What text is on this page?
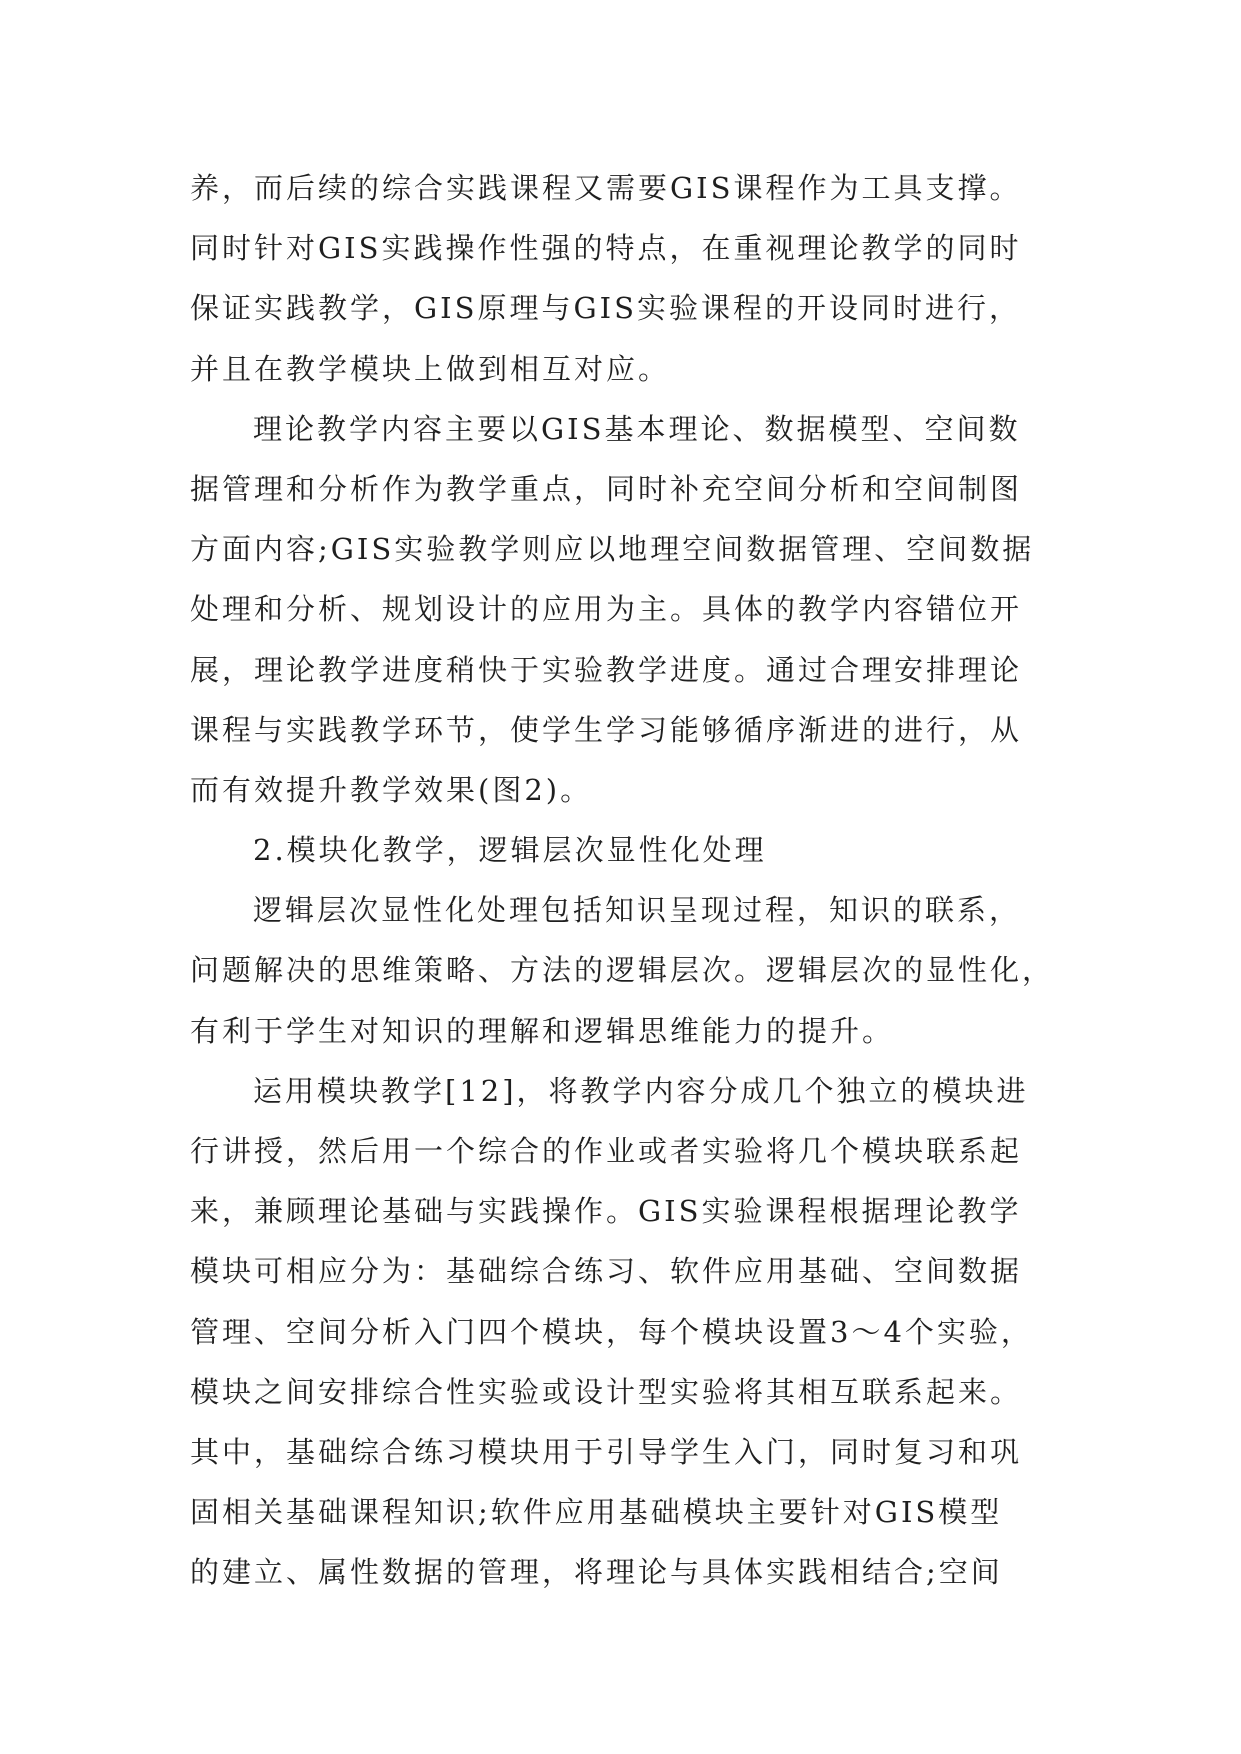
养，而后续的综合实践课程又需要GIS课程作为工具支撑。
同时针对GIS实践操作性强的特点，在重视理论教学的同时
保证实践教学，GIS原理与GIS实验课程的开设同时进行，
并且在教学模块上做到相互对应。
理论教学内容主要以GIS基本理论、数据模型、空间数
据管理和分析作为教学重点，同时补充空间分析和空间制图
方面内容;GIS实验教学则应以地理空间数据管理、空间数据
处理和分析、规划设计的应用为主。具体的教学内容错位开
展，理论教学进度稍快于实验教学进度。通过合理安排理论
课程与实践教学环节，使学生学习能够循序渐进的进行，从
而有效提升教学效果(图2)。
2.模块化教学，逻辑层次显性化处理
逻辑层次显性化处理包括知识呈现过程，知识的联系，
问题解决的思维策略、方法的逻辑层次。逻辑层次的显性化，
有利于学生对知识的理解和逻辑思维能力的提升。
运用模块教学[12]，将教学内容分成几个独立的模块进
行讲授，然后用一个综合的作业或者实验将几个模块联系起
来，兼顾理论基础与实践操作。GIS实验课程根据理论教学
模块可相应分为：基础综合练习、软件应用基础、空间数据
管理、空间分析入门四个模块，每个模块设置3～4个实验，
模块之间安排综合性实验或设计型实验将其相互联系起来。
其中，基础综合练习模块用于引导学生入门，同时复习和巩
固相关基础课程知识;软件应用基础模块主要针对GIS模型
的建立、属性数据的管理，将理论与具体实践相结合;空间
